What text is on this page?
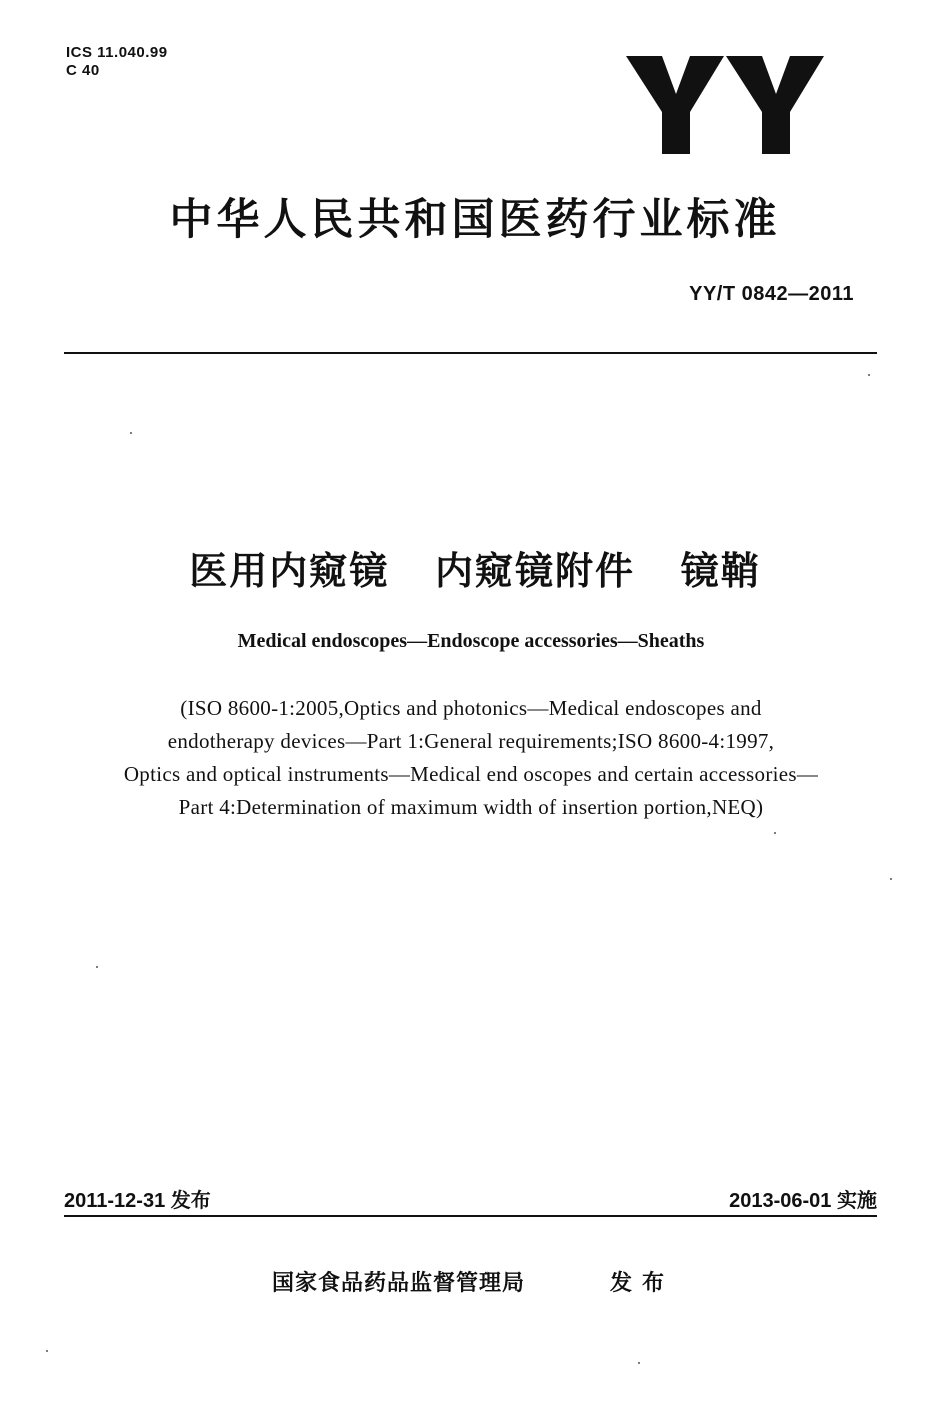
ICS 11.040.99
C 40
中华人民共和国医药行业标准
YY/T 0842—2011
医用内窥镜   内窥镜附件   镜鞘
Medical endoscopes—Endoscope accessories—Sheaths
(ISO 8600-1:2005,Optics and photonics—Medical endoscopes and
endotherapy devices—Part 1:General requirements;ISO 8600-4:1997,
Optics and optical instruments—Medical end oscopes and certain accessories—
Part 4:Determination of maximum width of insertion portion,NEQ)
2011-12-31 发布	2013-06-01 实施
国家食品药品监督管理局	发布
